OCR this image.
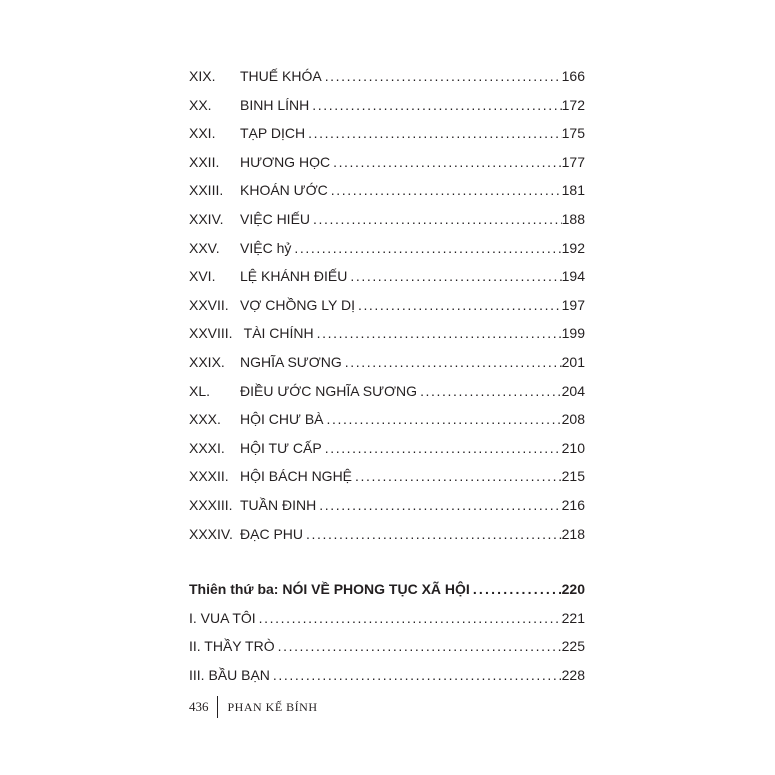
XIX.	THUẾ KHÓA .....	166
XX.	BINH LÍNH .....	172
XXI.	TẠP DỊCH .....	175
XXII.	HƯƠNG HỌC .....	177
XXIII.	KHOÁN ƯỚC .....	181
XXIV.	VIỆC HIẾU .....	188
XXV.	VIỆC hỷ .....	192
XVI.	LỆ KHÁNH ĐIẾU .....	194
XXVII. VỢ CHỒNG LY DỊ .....	197
XXVIII. TÀI CHÍNH .....	199
XXIX.	NGHĨA SƯƠNG .....	201
XL.	ĐIỀU ƯỚC NGHĨA SƯƠNG .....	204
XXX.	HỘI CHƯ BÀ .....	208
XXXI.	HỘI TƯ CẤP .....	210
XXXII. HỘI BÁCH NGHỆ .....	215
XXXIII. TUẦN ĐINH .....	216
XXXIV. ĐẠC PHU .....	218
Thiên thứ ba: NÓI VỀ PHONG TỤC XÃ HỘI .....	220
I. VUA TÔI .....	221
II. THẦY TRÒ .....	225
III. BẦU BẠN .....	228
436 PHAN KẾ BÍNH
